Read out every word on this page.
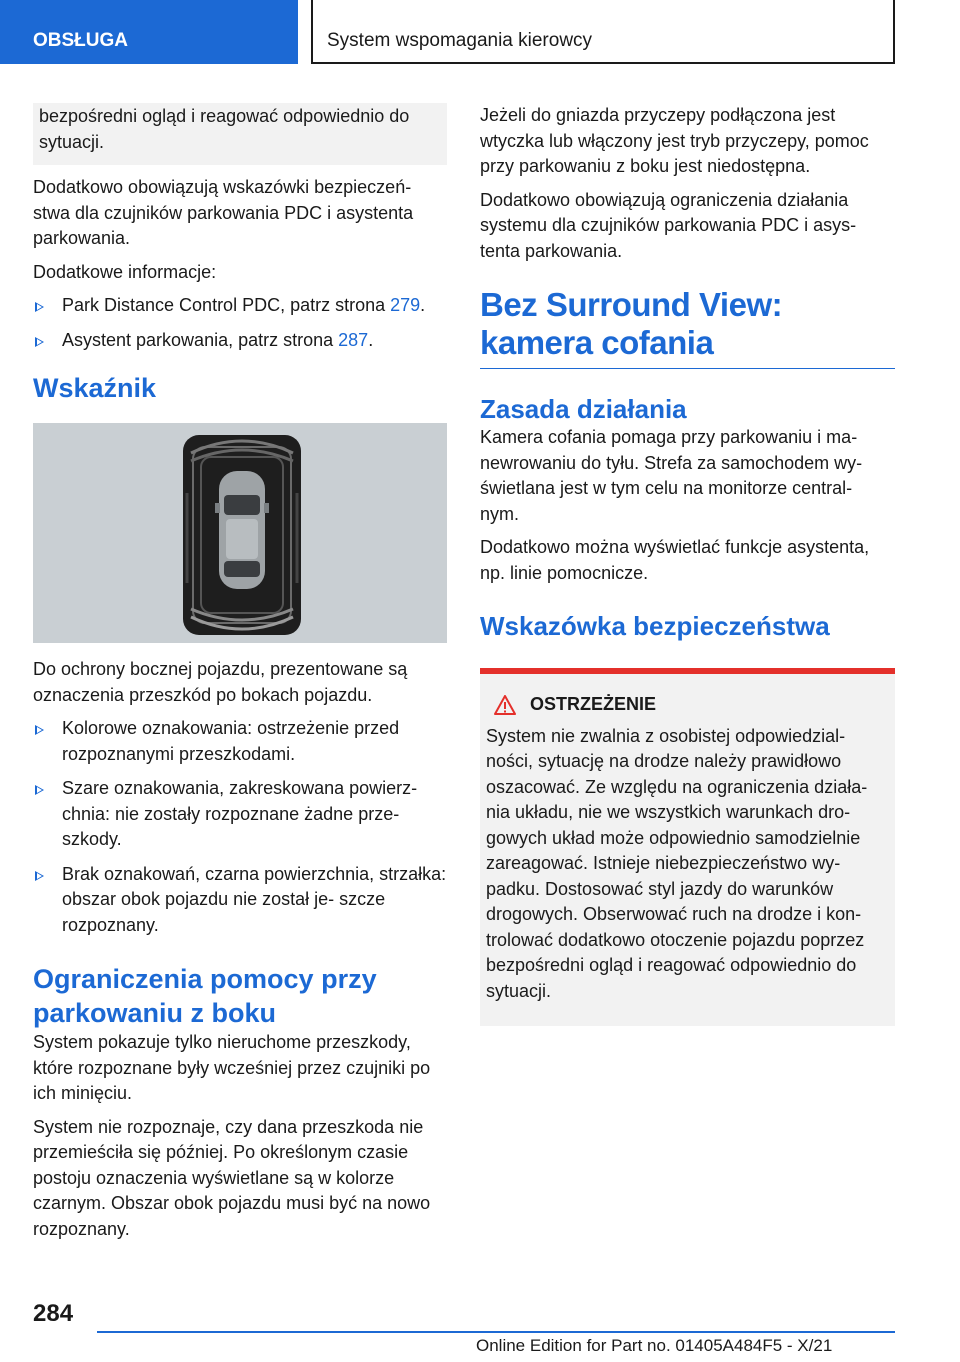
OBSŁUGA	System wspomagania kierowcy

bezpośredni ogląd i reagować odpowiednio do sytuacji.

Dodatkowo obowiązują wskazówki bezpieczeń- stwa dla czujników parkowania PDC i asystenta parkowania.

Dodatkowe informacje:

Park Distance Control PDC, patrz strona 279.
Asystent parkowania, patrz strona 287.
Wskaźnik

Do ochrony bocznej pojazdu, prezentowane są oznaczenia przeszkód po bokach pojazdu.

Kolorowe oznakowania: ostrzeżenie przed rozpoznanymi przeszkodami.
Szare oznakowania, zakreskowana powierz- chnia: nie zostały rozpoznane żadne prze- szkody.
Brak oznakowań, czarna powierzchnia, strzałka: obszar obok pojazdu nie został je- szcze rozpoznany.
Ograniczenia pomocy przy parkowaniu z boku

System pokazuje tylko nieruchome przeszkody, które rozpoznane były wcześniej przez czujniki po ich minięciu.

System nie rozpoznaje, czy dana przeszkoda nie przemieściła się później. Po określonym czasie postoju oznaczenia wyświetlane są w kolorze czarnym. Obszar obok pojazdu musi być na nowo rozpoznany.

Jeżeli do gniazda przyczepy podłączona jest wtyczka lub włączony jest tryb przyczepy, pomoc przy parkowaniu z boku jest niedostępna.

Dodatkowo obowiązują ograniczenia działania systemu dla czujników parkowania PDC i asys- tenta parkowania.

Bez Surround View: kamera cofania
Zasada działania

Kamera cofania pomaga przy parkowaniu i ma- newrowaniu do tyłu. Strefa za samochodem wy- świetlana jest w tym celu na monitorze central- nym.

Dodatkowo można wyświetlać funkcje asystenta, np. linie pomocnicze.

Wskazówka bezpieczeństwa
OSTRZEŻENIE

System nie zwalnia z osobistej odpowiedzial- ności, sytuację na drodze należy prawidłowo oszacować. Ze względu na ograniczenia działa- nia układu, nie we wszystkich warunkach dro- gowych układ może odpowiednio samodzielnie zareagować. Istnieje niebezpieczeństwo wy- padku. Dostosować styl jazdy do warunków drogowych. Obserwować ruch na drodze i kon- trolować dodatkowo otoczenie pojazdu poprzez bezpośredni ogląd i reagować odpowiednio do sytuacji.

284
Online Edition for Part no. 01405A484F5 - X/21
